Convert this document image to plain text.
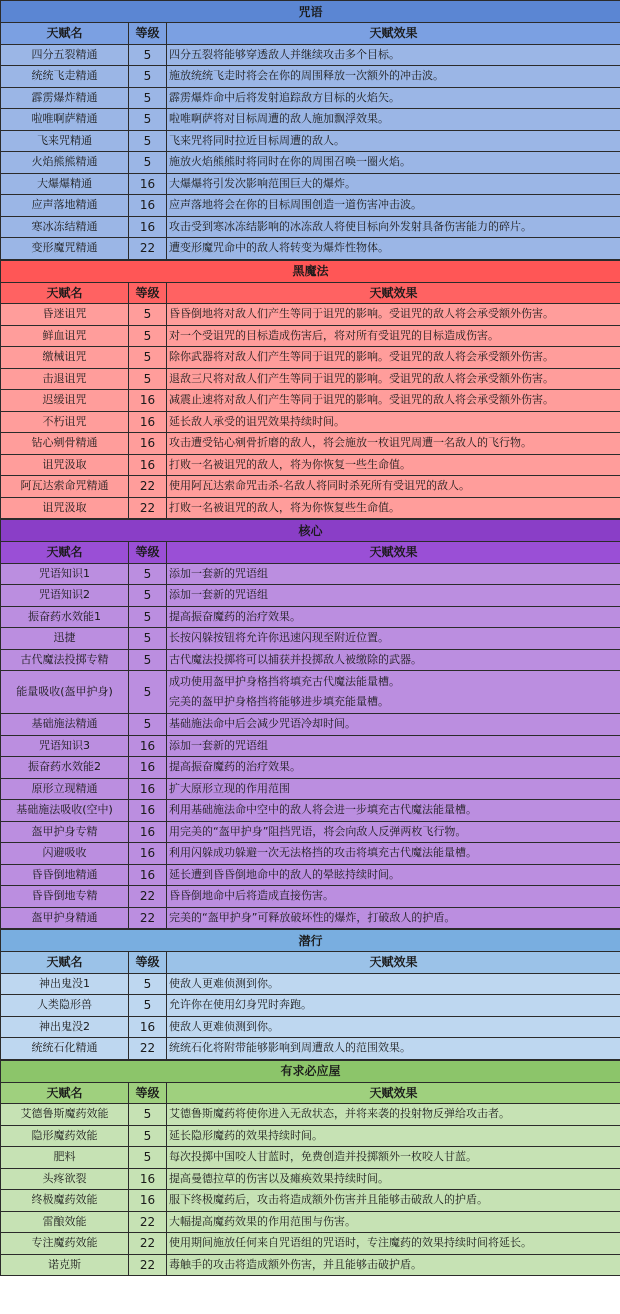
咒语		
天赋名	等级	天赋效果
四分五裂精通	5	四分五裂将能够穿透敌人并继续攻击多个目标。
统统飞走精通	5	施放统统飞走时将会在你的周围释放一次额外的冲击波。
霹雳爆炸精通	5	霹雳爆炸命中后将发射追踪敌方目标的火焰矢。
啦唯啊萨精通	5	啦唯啊萨将对目标周遭的敌人施加飘浮效果。
飞来咒精通	5	飞来咒将同时拉近目标周遭的敌人。
火焰熊熊精通	5	施放火焰熊熊时将同时在你的周围召唤一圈火焰。
大爆爆精通	16	大爆爆将引发次影响范围巨大的爆炸。
应声落地精通	16	应声落地将会在你的目标周围创造一道伤害冲击波。
寒冰冻结精通	16	攻击受到寒冰冻结影响的冰冻敌人将使目标向外发射具备伤害能力的碎片。
变形魔咒精通	22	遭变形魔咒命中的敌人将转变为爆炸性物体。
黑魔法		
天赋名	等级	天赋效果
昏迷诅咒	5	昏昏倒地将对敌人们产生等同于诅咒的影响。受诅咒的敌人将会承受额外伤害。
鲜血诅咒	5	对一个受诅咒的目标造成伤害后，将对所有受诅咒的目标造成伤害。
缴械诅咒	5	除你武器将对敌人们产生等同于诅咒的影响。受诅咒的敌人将会承受额外伤害。
击退诅咒	5	退敌三尺将对敌人们产生等同于诅咒的影响。受诅咒的敌人将会承受额外伤害。
迟缓诅咒	16	减震止速将对敌人们产生等同于诅咒的影响。受诅咒的敌人将会承受额外伤害。
不朽诅咒	16	延长敌人承受的诅咒效果持续时间。
钻心剜骨精通	16	攻击遭受钻心剜骨折磨的敌人，将会施放一枚诅咒周遭一名敌人的飞行物。
诅咒汲取	16	打败一名被诅咒的敌人，将为你恢复一些生命值。
阿瓦达索命咒精通	22	使用阿瓦达索命咒击杀-名敌人将同时杀死所有受诅咒的敌人。
诅咒汲取	22	打败一名被诅咒的敌人，将为你恢复些生命值。
核心		
天赋名	等级	天赋效果
咒语知识1	5	添加一套新的咒语组
咒语知识2	5	添加一套新的咒语组
振奋药水效能1	5	提高振奋魔药的治疗效果。
迅捷	5	长按闪躲按钮将允许你迅速闪现至附近位置。
古代魔法投掷专精	5	古代魔法投掷将可以捕获并投掷敌人被缴除的武器。
能量吸收(盔甲护身)	5	成功使用盔甲护身格挡将填充古代魔法能量槽。
完美的盔甲护身格挡将能够进步填充能量槽。

基础施法精通	5	基础施法命中后会减少咒语冷却时间。
咒语知识3	16	添加一套新的咒语组
振奋药水效能2	16	提高振奋魔药的治疗效果。
原形立现精通	16	扩大原形立现的作用范围
基础施法吸收(空中)	16	利用基础施法命中空中的敌人将会进一步填充古代魔法能量槽。
盔甲护身专精	16	用完美的“盔甲护身”阻挡咒语，将会向敌人反弹两枚飞行物。
闪避吸收	16	利用闪躲成功躲避一次无法格挡的攻击将填充古代魔法能量槽。
昏昏倒地精通	16	延长遭到昏昏倒地命中的敌人的晕眩持续时间。
昏昏倒地专精	22	昏昏倒地命中后将造成直接伤害。
盔甲护身精通	22	完美的“盔甲护身”可释放破坏性的爆炸，打破敌人的护盾。
潜行		
天赋名	等级	天赋效果
神出鬼没1	5	使敌人更难侦测到你。
人类隐形兽	5	允许你在使用幻身咒时奔跑。
神出鬼没2	16	使敌人更难侦测到你。
统统石化精通	22	统统石化将附带能够影响到周遭敌人的范围效果。
有求必应屋		
天赋名	等级	天赋效果
艾德鲁斯魔药效能	5	艾德鲁斯魔药将使你进入无敌状态，并将来袭的投射物反弹给攻击者。
隐形魔药效能	5	延长隐形魔药的效果持续时间。
肥料	5	每次投掷中国咬人甘蓝时，免费创造并投掷额外一枚咬人甘蓝。
头疼欲裂	16	提高曼德拉草的伤害以及瘫痪效果持续时间。
终极魔药效能	16	服下终极魔药后，攻击将造成额外伤害并且能够击破敌人的护盾。
雷酿效能	22	大幅提高魔药效果的作用范围与伤害。
专注魔药效能	22	使用期间施放任何来自咒语组的咒语时，专注魔药的效果持续时间将延长。
诺克斯	22	毒触手的攻击将造成额外伤害，并且能够击破护盾。
